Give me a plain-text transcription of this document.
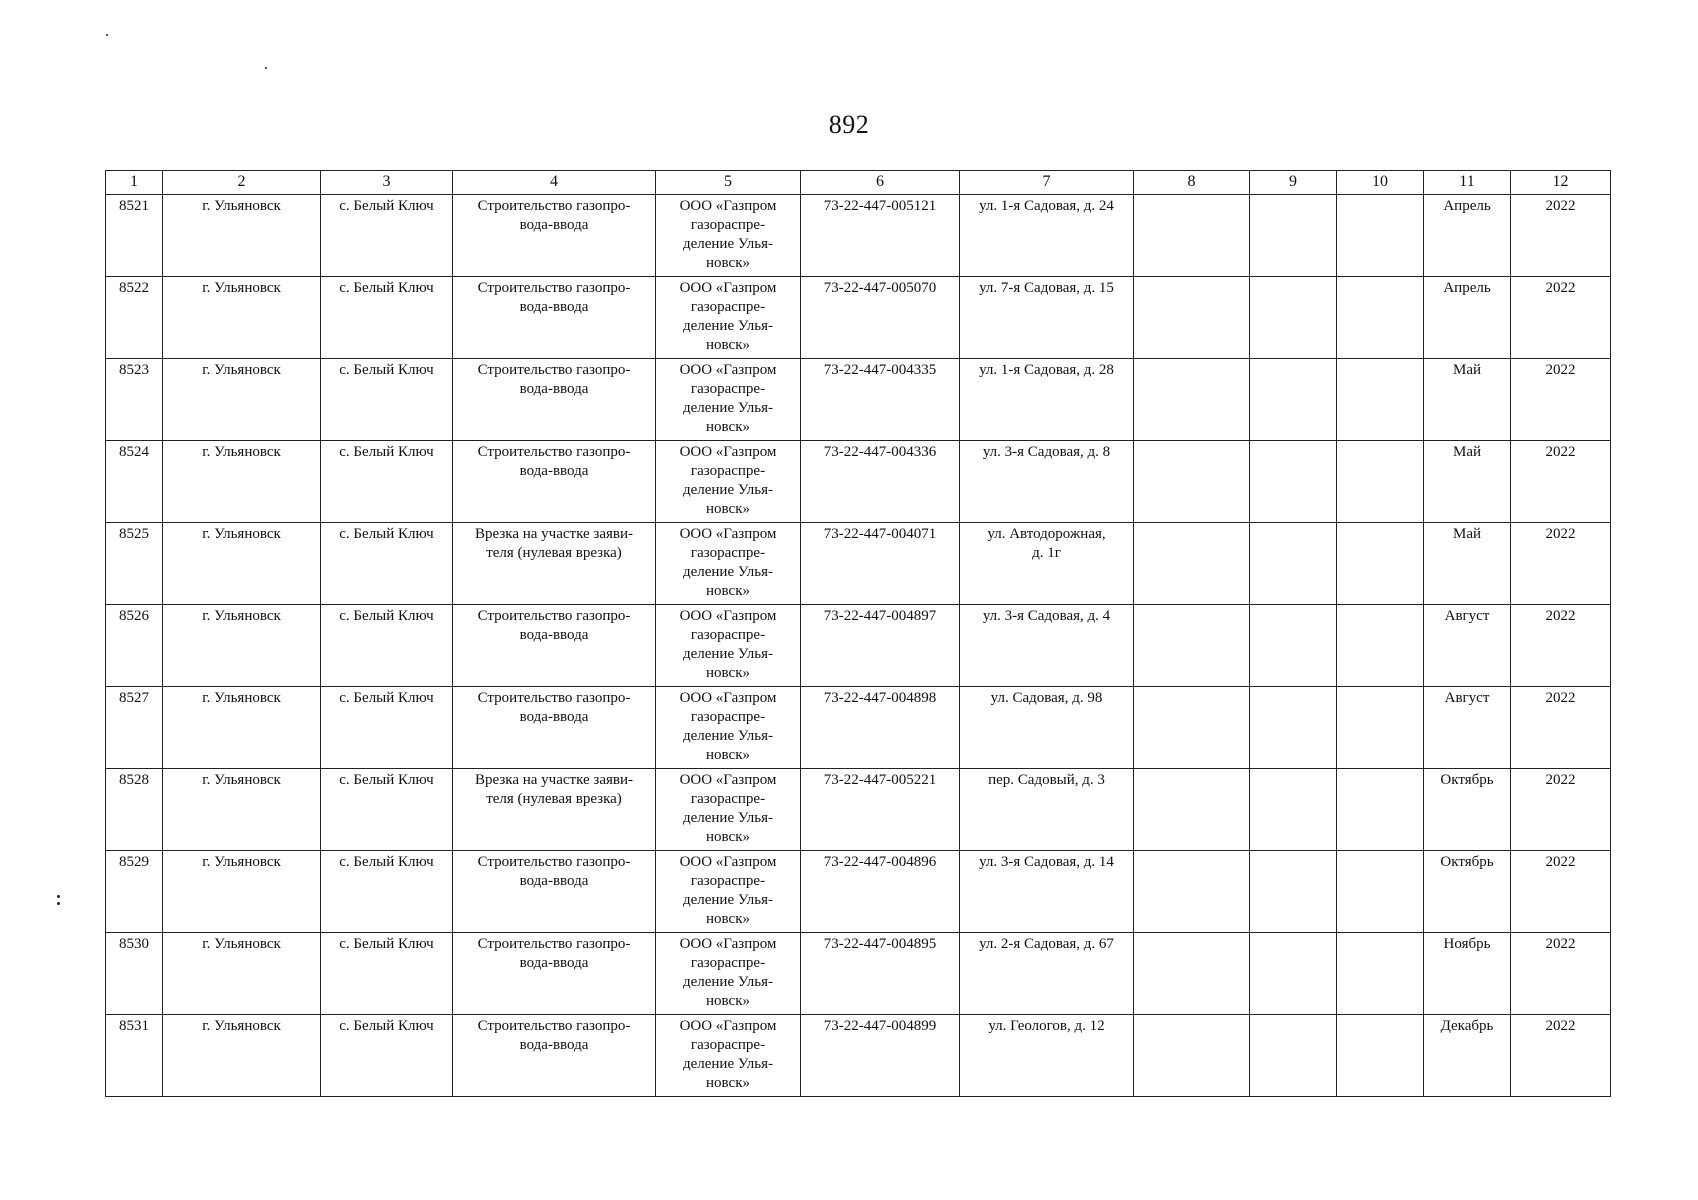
892
1	2	3	4	5	6	7	8	9	10	11	12
8521	г. Ульяновск	с. Белый Ключ	Строительство газопро-
вода-ввода	ООО «Газпром
газораспре-
деление Улья-
новск»	73-22-447-005121	ул. 1-я Садовая, д. 24				Апрель	2022
8522	г. Ульяновск	с. Белый Ключ	Строительство газопро-
вода-ввода	ООО «Газпром
газораспре-
деление Улья-
новск»	73-22-447-005070	ул. 7-я Садовая, д. 15				Апрель	2022
8523	г. Ульяновск	с. Белый Ключ	Строительство газопро-
вода-ввода	ООО «Газпром
газораспре-
деление Улья-
новск»	73-22-447-004335	ул. 1-я Садовая, д. 28				Май	2022
8524	г. Ульяновск	с. Белый Ключ	Строительство газопро-
вода-ввода	ООО «Газпром
газораспре-
деление Улья-
новск»	73-22-447-004336	ул. 3-я Садовая, д. 8				Май	2022
8525	г. Ульяновск	с. Белый Ключ	Врезка на участке заяви-
теля (нулевая врезка)	ООО «Газпром
газораспре-
деление Улья-
новск»	73-22-447-004071	ул. Автодорожная,
д. 1г				Май	2022
8526	г. Ульяновск	с. Белый Ключ	Строительство газопро-
вода-ввода	ООО «Газпром
газораспре-
деление Улья-
новск»	73-22-447-004897	ул. 3-я Садовая, д. 4				Август	2022
8527	г. Ульяновск	с. Белый Ключ	Строительство газопро-
вода-ввода	ООО «Газпром
газораспре-
деление Улья-
новск»	73-22-447-004898	ул. Садовая, д. 98				Август	2022
8528	г. Ульяновск	с. Белый Ключ	Врезка на участке заяви-
теля (нулевая врезка)	ООО «Газпром
газораспре-
деление Улья-
новск»	73-22-447-005221	пер. Садовый, д. 3				Октябрь	2022
8529	г. Ульяновск	с. Белый Ключ	Строительство газопро-
вода-ввода	ООО «Газпром
газораспре-
деление Улья-
новск»	73-22-447-004896	ул. 3-я Садовая, д. 14				Октябрь	2022
8530	г. Ульяновск	с. Белый Ключ	Строительство газопро-
вода-ввода	ООО «Газпром
газораспре-
деление Улья-
новск»	73-22-447-004895	ул. 2-я Садовая, д. 67				Ноябрь	2022
8531	г. Ульяновск	с. Белый Ключ	Строительство газопро-
вода-ввода	ООО «Газпром
газораспре-
деление Улья-
новск»	73-22-447-004899	ул. Геологов, д. 12				Декабрь	2022
